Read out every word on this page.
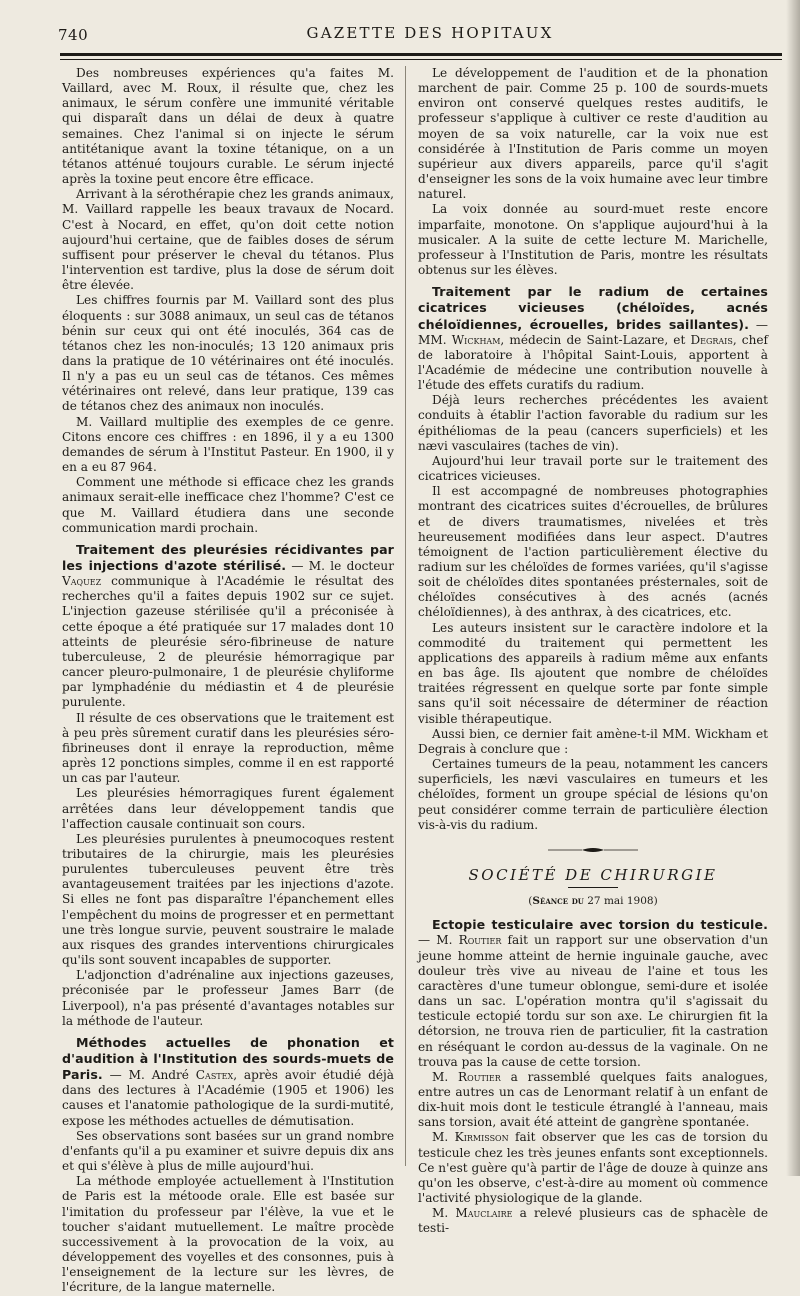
740	GAZETTE DES HOPITAUX

Des nombreuses expériences qu'a faites M. Vaillard, avec M. Roux, il résulte que, chez les animaux, le sérum confère une immunité véritable qui disparaît dans un délai de deux à quatre semaines. Chez l'animal si on injecte le sérum antitétanique avant la toxine tétanique, on a un tétanos atténué toujours curable. Le sérum injecté après la toxine peut encore être efficace.

Arrivant à la sérothérapie chez les grands animaux, M. Vaillard rappelle les beaux travaux de Nocard. C'est à Nocard, en effet, qu'on doit cette notion aujourd'hui certaine, que de faibles doses de sérum suffisent pour préserver le cheval du tétanos. Plus l'intervention est tardive, plus la dose de sérum doit être élevée.

Les chiffres fournis par M. Vaillard sont des plus éloquents : sur 3088 animaux, un seul cas de tétanos bénin sur ceux qui ont été inoculés, 364 cas de tétanos chez les non-inoculés; 13 120 animaux pris dans la pratique de 10 vétérinaires ont été inoculés. Il n'y a pas eu un seul cas de tétanos. Ces mêmes vétérinaires ont relevé, dans leur pratique, 139 cas de tétanos chez des animaux non inoculés.

M. Vaillard multiplie des exemples de ce genre. Citons encore ces chiffres : en 1896, il y a eu 1300 demandes de sérum à l'Institut Pasteur. En 1900, il y en a eu 87 964.

Comment une méthode si efficace chez les grands animaux serait-elle inefficace chez l'homme? C'est ce que M. Vaillard étudiera dans une seconde communication mardi prochain.

Traitement des pleurésies récidivantes par les injections d'azote stérilisé. — M. le docteur Vaquez communique à l'Académie le résultat des recherches qu'il a faites depuis 1902 sur ce sujet. L'injection gazeuse stérilisée qu'il a préconisée à cette époque a été pratiquée sur 17 malades dont 10 atteints de pleurésie séro-fibrineuse de nature tuberculeuse, 2 de pleurésie hémorragique par cancer pleuro-pulmonaire, 1 de pleurésie chyliforme par lymphadénie du médiastin et 4 de pleurésie purulente.

Il résulte de ces observations que le traitement est à peu près sûrement curatif dans les pleurésies séro-fibrineuses dont il enraye la reproduction, même après 12 ponctions simples, comme il en est rapporté un cas par l'auteur.

Les pleurésies hémorragiques furent également arrêtées dans leur développement tandis que l'affection causale continuait son cours.

Les pleurésies purulentes à pneumocoques restent tributaires de la chirurgie, mais les pleurésies purulentes tuberculeuses peuvent être très avantageusement traitées par les injections d'azote. Si elles ne font pas disparaître l'épanchement elles l'empêchent du moins de progresser et en permettant une très longue survie, peuvent soustraire le malade aux risques des grandes interventions chirurgicales qu'ils sont souvent incapables de supporter.

L'adjonction d'adrénaline aux injections gazeuses, préconisée par le professeur James Barr (de Liverpool), n'a pas présenté d'avantages notables sur la méthode de l'auteur.

Méthodes actuelles de phonation et d'audition à l'Institution des sourds-muets de Paris. — M. André Castex, après avoir étudié déjà dans des lectures à l'Académie (1905 et 1906) les causes et l'anatomie pathologique de la surdi-mutité, expose les méthodes actuelles de démutisation.

Ses observations sont basées sur un grand nombre d'enfants qu'il a pu examiner et suivre depuis dix ans et qui s'élève à plus de mille aujourd'hui.

La méthode employée actuellement à l'Institution de Paris est la métoode orale. Elle est basée sur l'imitation du professeur par l'élève, la vue et le toucher s'aidant mutuellement. Le maître procède successivement à la provocation de la voix, au développement des voyelles et des consonnes, puis à l'enseignement de la lecture sur les lèvres, de l'écriture, de la langue maternelle.

Le développement de l'audition et de la phonation marchent de pair. Comme 25 p. 100 de sourds-muets environ ont conservé quelques restes auditifs, le professeur s'applique à cultiver ce reste d'audition au moyen de sa voix naturelle, car la voix nue est considérée à l'Institution de Paris comme un moyen supérieur aux divers appareils, parce qu'il s'agit d'enseigner les sons de la voix humaine avec leur timbre naturel.

La voix donnée au sourd-muet reste encore imparfaite, monotone. On s'applique aujourd'hui à la musicaler. A la suite de cette lecture M. Marichelle, professeur à l'Institution de Paris, montre les résultats obtenus sur les élèves.

Traitement par le radium de certaines cicatrices vicieuses (chéloïdes, acnés chéloïdiennes, écrouelles, brides saillantes). — MM. Wickham, médecin de Saint-Lazare, et Degrais, chef de laboratoire à l'hôpital Saint-Louis, apportent à l'Académie de médecine une contribution nouvelle à l'étude des effets curatifs du radium.

Déjà leurs recherches précédentes les avaient conduits à établir l'action favorable du radium sur les épithéliomas de la peau (cancers superficiels) et les nævi vasculaires (taches de vin).

Aujourd'hui leur travail porte sur le traitement des cicatrices vicieuses.

Il est accompagné de nombreuses photographies montrant des cicatrices suites d'écrouelles, de brûlures et de divers traumatismes, nivelées et très heureusement modifiées dans leur aspect. D'autres témoignent de l'action particulièrement élective du radium sur les chéloïdes de formes variées, qu'il s'agisse soit de chéloïdes dites spontanées présternales, soit de chéloïdes consécutives à des acnés (acnés chéloïdiennes), à des anthrax, à des cicatrices, etc.

Les auteurs insistent sur le caractère indolore et la commodité du traitement qui permettent les applications des appareils à radium même aux enfants en bas âge. Ils ajoutent que nombre de chéloïdes traitées régressent en quelque sorte par fonte simple sans qu'il soit nécessaire de déterminer de réaction visible thérapeutique.

Aussi bien, ce dernier fait amène-t-il MM. Wickham et Degrais à conclure que :

Certaines tumeurs de la peau, notamment les cancers superficiels, les nævi vasculaires en tumeurs et les chéloïdes, forment un groupe spécial de lésions qu'on peut considérer comme terrain de particulière élection vis-à-vis du radium.

SOCIÉTÉ DE CHIRURGIE
(Séance du 27 mai 1908)

Ectopie testiculaire avec torsion du testicule. — M. Routier fait un rapport sur une observation d'un jeune homme atteint de hernie inguinale gauche, avec douleur très vive au niveau de l'aine et tous les caractères d'une tumeur oblongue, semi-dure et isolée dans un sac. L'opération montra qu'il s'agissait du testicule ectopié tordu sur son axe. Le chirurgien fit la détorsion, ne trouva rien de particulier, fit la castration en réséquant le cordon au-dessus de la vaginale. On ne trouva pas la cause de cette torsion.

M. Routier a rassemblé quelques faits analogues, entre autres un cas de Lenormant relatif à un enfant de dix-huit mois dont le testicule étranglé à l'anneau, mais sans torsion, avait été atteint de gangrène spontanée.

M. Kirmisson fait observer que les cas de torsion du testicule chez les très jeunes enfants sont exceptionnels. Ce n'est guère qu'à partir de l'âge de douze à quinze ans qu'on les observe, c'est-à-dire au moment où commence l'activité physiologique de la glande.

M. Mauclaire a relevé plusieurs cas de sphacèle de testi-
